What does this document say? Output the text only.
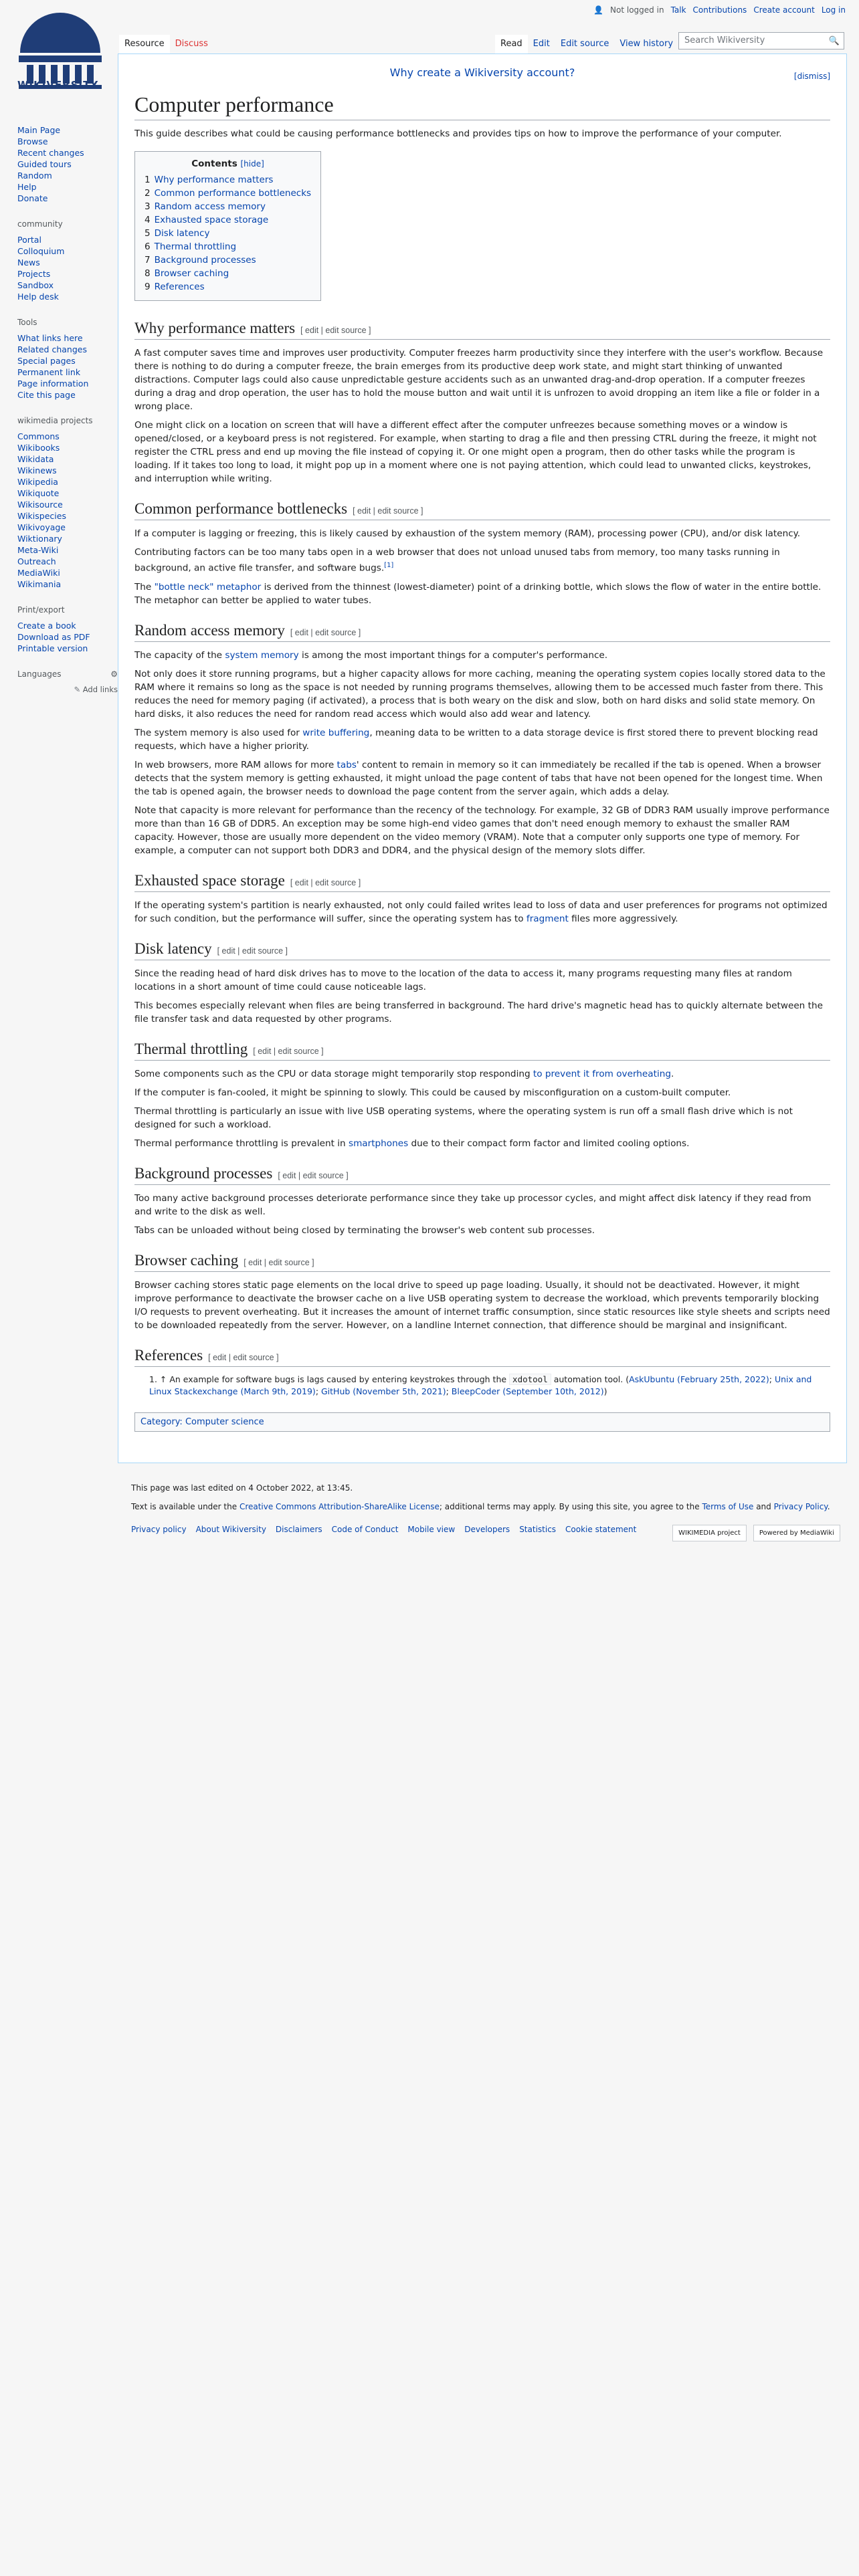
WIKIVERSITY
👤 Not logged in Talk Contributions Create account Log in
Resource	Discuss	Read	Edit	Edit source	View history	Search Wikiversity	🔍
Main Page
Browse
Recent changes
Guided tours
Random
Help
Donate
community
Portal
Colloquium
News
Projects
Sandbox
Help desk
Tools
What links here
Related changes
Special pages
Permanent link
Page information
Cite this page
wikimedia projects
Commons
Wikibooks
Wikidata
Wikinews
Wikipedia
Wikiquote
Wikisource
Wikispecies
Wikivoyage
Wiktionary
Meta-Wiki
Outreach
MediaWiki
Wikimania
Print/export
Create a book
Download as PDF
Printable version
Languages	⚙
✎ Add links
Why create a Wikiversity account?	[dismiss]
Computer performance

This guide describes what could be causing performance bottlenecks and provides tips on how to improve the performance of your computer.

Contents [hide]
1 Why performance matters
2 Common performance bottlenecks
3 Random access memory
4 Exhausted space storage
5 Disk latency
6 Thermal throttling
7 Background processes
8 Browser caching
9 References
Why performance matters [ edit | edit source ]

A fast computer saves time and improves user productivity. Computer freezes harm productivity since they interfere with the user's workflow. Because there is nothing to do during a computer freeze, the brain emerges from its productive deep work state, and might start thinking of unwanted distractions. Computer lags could also cause unpredictable gesture accidents such as an unwanted drag-and-drop operation. If a computer freezes during a drag and drop operation, the user has to hold the mouse button and wait until it is unfrozen to avoid dropping an item like a file or folder in a wrong place.

One might click on a location on screen that will have a different effect after the computer unfreezes because something moves or a window is opened/closed, or a keyboard press is not registered. For example, when starting to drag a file and then pressing CTRL during the freeze, it might not register the CTRL press and end up moving the file instead of copying it. Or one might open a program, then do other tasks while the program is loading. If it takes too long to load, it might pop up in a moment where one is not paying attention, which could lead to unwanted clicks, keystrokes, and interruption while writing.

Common performance bottlenecks [ edit | edit source ]

If a computer is lagging or freezing, this is likely caused by exhaustion of the system memory (RAM), processing power (CPU), and/or disk latency.

Contributing factors can be too many tabs open in a web browser that does not unload unused tabs from memory, too many tasks running in background, an active file transfer, and software bugs.[1]

The "bottle neck" metaphor is derived from the thinnest (lowest-diameter) point of a drinking bottle, which slows the flow of water in the entire bottle. The metaphor can better be applied to water tubes.

Random access memory [ edit | edit source ]

The capacity of the system memory is among the most important things for a computer's performance.

Not only does it store running programs, but a higher capacity allows for more caching, meaning the operating system copies locally stored data to the RAM where it remains so long as the space is not needed by running programs themselves, allowing them to be accessed much faster from there. This reduces the need for memory paging (if activated), a process that is both weary on the disk and slow, both on hard disks and solid state memory. On hard disks, it also reduces the need for random read access which would also add wear and latency.

The system memory is also used for write buffering, meaning data to be written to a data storage device is first stored there to prevent blocking read requests, which have a higher priority.

In web browsers, more RAM allows for more tabs' content to remain in memory so it can immediately be recalled if the tab is opened. When a browser detects that the system memory is getting exhausted, it might unload the page content of tabs that have not been opened for the longest time. When the tab is opened again, the browser needs to download the page content from the server again, which adds a delay.

Note that capacity is more relevant for performance than the recency of the technology. For example, 32 GB of DDR3 RAM usually improve performance more than than 16 GB of DDR5. An exception may be some high-end video games that don't need enough memory to exhaust the smaller RAM capacity. However, those are usually more dependent on the video memory (VRAM). Note that a computer only supports one type of memory. For example, a computer can not support both DDR3 and DDR4, and the physical design of the memory slots differ.

Exhausted space storage [ edit | edit source ]

If the operating system's partition is nearly exhausted, not only could failed writes lead to loss of data and user preferences for programs not optimized for such condition, but the performance will suffer, since the operating system has to fragment files more aggressively.

Disk latency [ edit | edit source ]

Since the reading head of hard disk drives has to move to the location of the data to access it, many programs requesting many files at random locations in a short amount of time could cause noticeable lags.

This becomes especially relevant when files are being transferred in background. The hard drive's magnetic head has to quickly alternate between the file transfer task and data requested by other programs.

Thermal throttling [ edit | edit source ]

Some components such as the CPU or data storage might temporarily stop responding to prevent it from overheating.

If the computer is fan-cooled, it might be spinning to slowly. This could be caused by misconfiguration on a custom-built computer.

Thermal throttling is particularly an issue with live USB operating systems, where the operating system is run off a small flash drive which is not designed for such a workload.

Thermal performance throttling is prevalent in smartphones due to their compact form factor and limited cooling options.

Background processes [ edit | edit source ]

Too many active background processes deteriorate performance since they take up processor cycles, and might affect disk latency if they read from and write to the disk as well.

Tabs can be unloaded without being closed by terminating the browser's web content sub processes.

Browser caching [ edit | edit source ]

Browser caching stores static page elements on the local drive to speed up page loading. Usually, it should not be deactivated. However, it might improve performance to deactivate the browser cache on a live USB operating system to decrease the workload, which prevents temporarily blocking I/O requests to prevent overheating. But it increases the amount of internet traffic consumption, since static resources like style sheets and scripts need to be downloaded repeatedly from the server. However, on a landline Internet connection, that difference should be marginal and insignificant.

References [ edit | edit source ]
1. ↑ An example for software bugs is lags caused by entering keystrokes through the xdotool automation tool. (AskUbuntu (February 25th, 2022); Unix and Linux Stackexchange (March 9th, 2019); GitHub (November 5th, 2021); BleepCoder (September 10th, 2012))
Category: Computer science
This page was last edited on 4 October 2022, at 13:45.
Text is available under the Creative Commons Attribution-ShareAlike License; additional terms may apply. By using this site, you agree to the Terms of Use and Privacy Policy.
Privacy policy About Wikiversity Disclaimers Code of Conduct Mobile view Developers Statistics Cookie statement	WIKIMEDIA project	Powered by MediaWiki
